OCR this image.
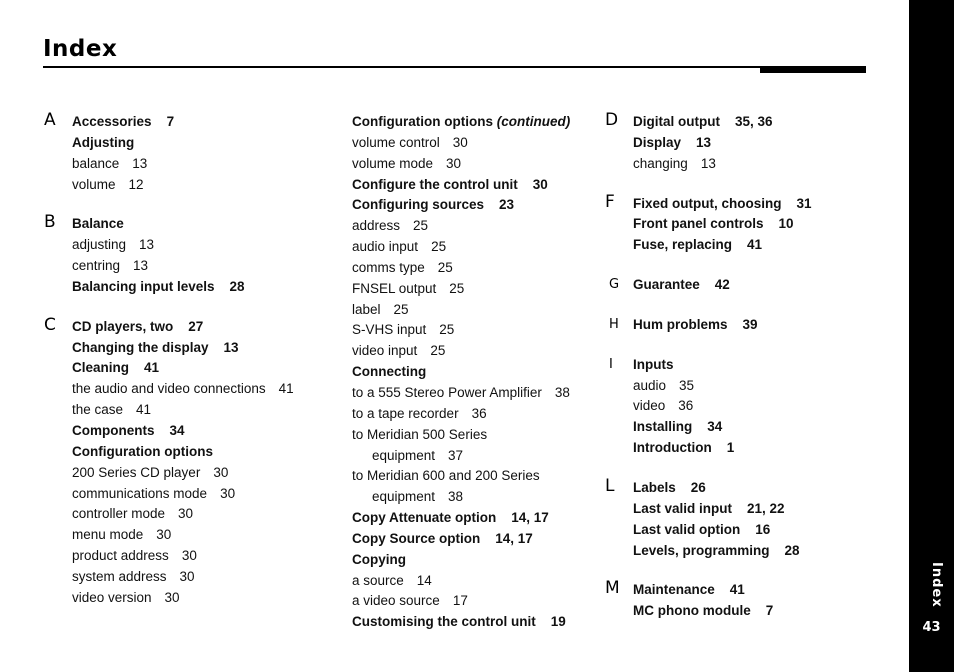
Index
Index
43
A Accessories 7
Adjusting
balance 13
volume 12
B Balance
adjusting 13
centring 13
Balancing input levels 28
C CD players, two 27
Changing the display 13
Cleaning 41
the audio and video connections 41
the case 41
Components 34
Configuration options
200 Series CD player 30
communications mode 30
controller mode 30
menu mode 30
product address 30
system address 30
video version 30
Configuration options (continued)
volume control 30
volume mode 30
Configure the control unit 30
Configuring sources 23
address 25
audio input 25
comms type 25
FNSEL output 25
label 25
S-VHS input 25
video input 25
Connecting
to a 555 Stereo Power Amplifier 38
to a tape recorder 36
to Meridian 500 Series
equipment 37
to Meridian 600 and 200 Series
equipment 38
Copy Attenuate option 14, 17
Copy Source option 14, 17
Copying
a source 14
a video source 17
Customising the control unit 19
D Digital output 35, 36
Display 13
changing 13
F Fixed output, choosing 31
Front panel controls 10
Fuse, replacing 41
G Guarantee 42
H Hum problems 39
I Inputs
audio 35
video 36
Installing 34
Introduction 1
L Labels 26
Last valid input 21, 22
Last valid option 16
Levels, programming 28
M Maintenance 41
MC phono module 7
